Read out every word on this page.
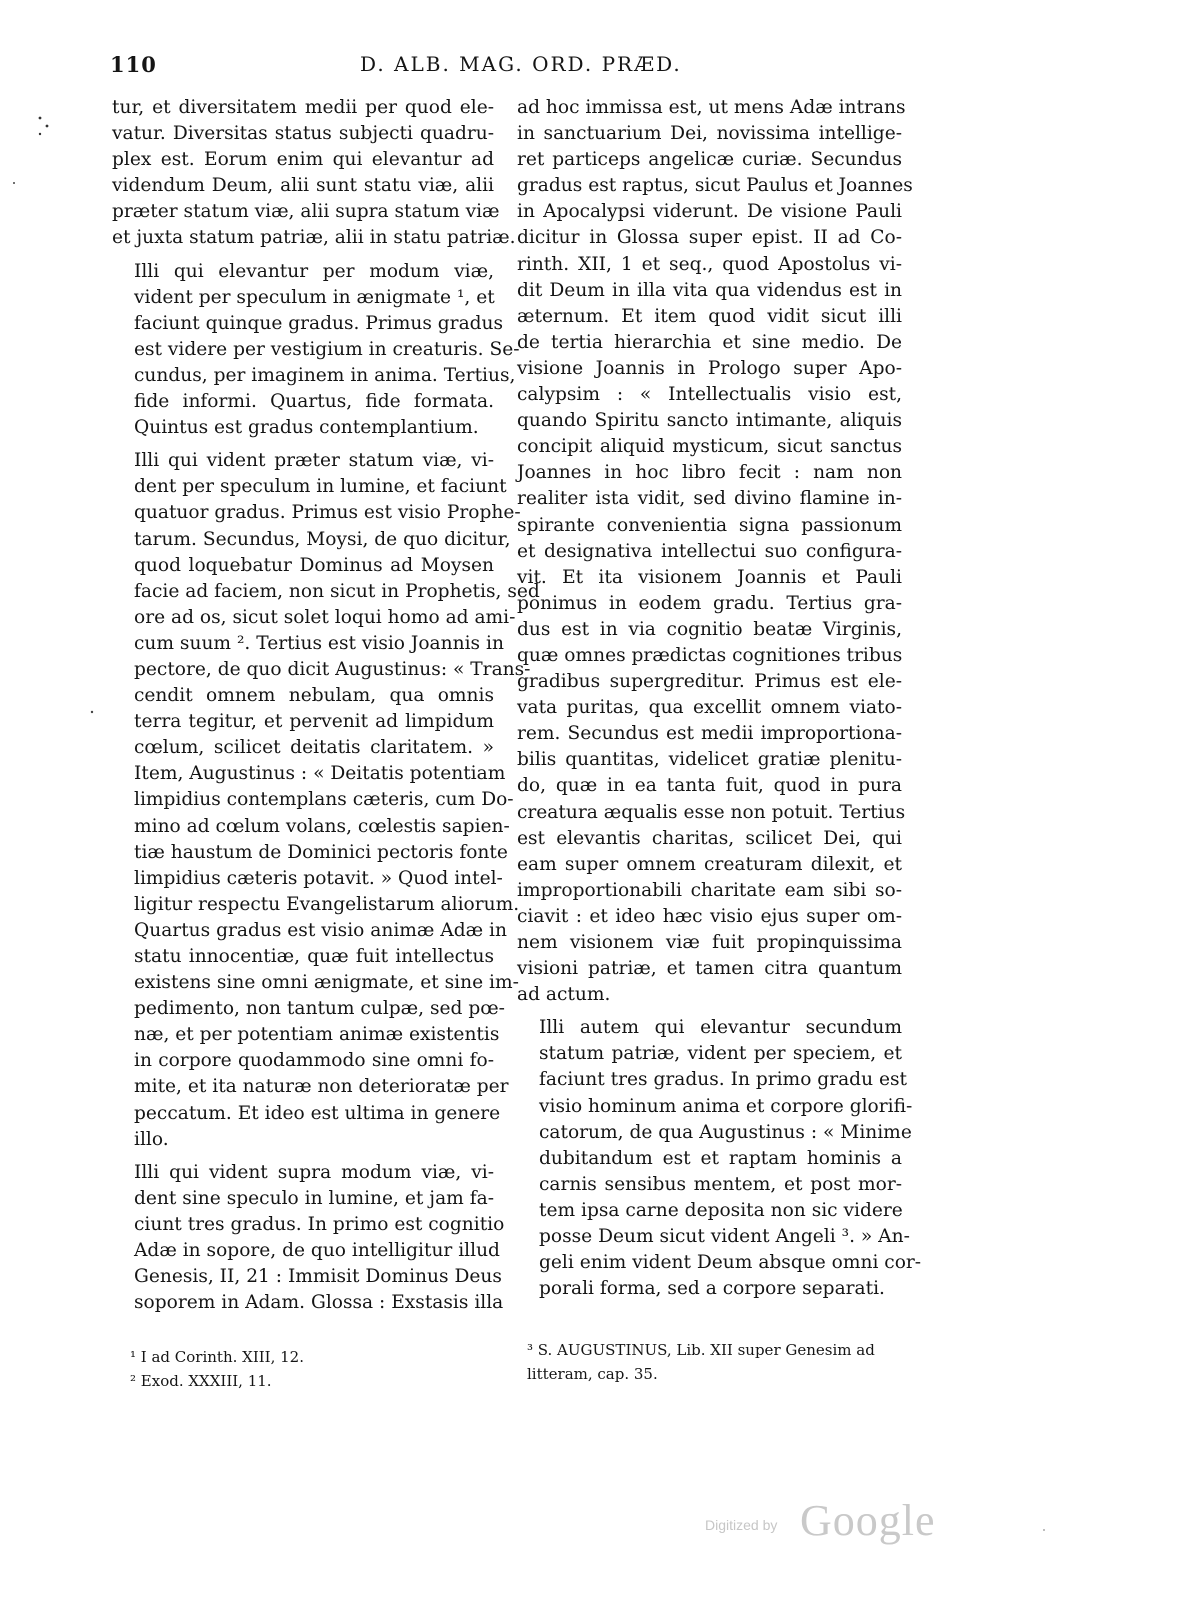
110	D. ALB. MAG. ORD. PRÆD.

tur, et diversitatem medii per quod ele-
vatur. Diversitas status subjecti quadru-
plex est. Eorum enim qui elevantur ad
videndum Deum, alii sunt statu viæ, alii
præter statum viæ, alii supra statum viæ
et juxta statum patriæ, alii in statu patriæ.

Illi qui elevantur per modum viæ,
vident per speculum in ænigmate ¹, et
faciunt quinque gradus. Primus gradus
est videre per vestigium in creaturis. Se-
cundus, per imaginem in anima. Tertius,
fide informi. Quartus, fide formata.
Quintus est gradus contemplantium.

Illi qui vident præter statum viæ, vi-
dent per speculum in lumine, et faciunt
quatuor gradus. Primus est visio Prophe-
tarum. Secundus, Moysi, de quo dicitur,
quod loquebatur Dominus ad Moysen
facie ad faciem, non sicut in Prophetis, sed
ore ad os, sicut solet loqui homo ad ami-
cum suum ². Tertius est visio Joannis in
pectore, de quo dicit Augustinus: « Trans-
cendit omnem nebulam, qua omnis
terra tegitur, et pervenit ad limpidum
cœlum, scilicet deitatis claritatem. »
Item, Augustinus : « Deitatis potentiam
limpidius contemplans cæteris, cum Do-
mino ad cœlum volans, cœlestis sapien-
tiæ haustum de Dominici pectoris fonte
limpidius cæteris potavit. » Quod intel-
ligitur respectu Evangelistarum aliorum.
Quartus gradus est visio animæ Adæ in
statu innocentiæ, quæ fuit intellectus
existens sine omni ænigmate, et sine im-
pedimento, non tantum culpæ, sed pœ-
næ, et per potentiam animæ existentis
in corpore quodammodo sine omni fo-
mite, et ita naturæ non deterioratæ per
peccatum. Et ideo est ultima in genere
illo.

Illi qui vident supra modum viæ, vi-
dent sine speculo in lumine, et jam fa-
ciunt tres gradus. In primo est cognitio
Adæ in sopore, de quo intelligitur illud
Genesis, II, 21 : Immisit Dominus Deus
soporem in Adam. Glossa : Exstasis illa

ad hoc immissa est, ut mens Adæ intrans
in sanctuarium Dei, novissima intellige-
ret particeps angelicæ curiæ. Secundus
gradus est raptus, sicut Paulus et Joannes
in Apocalypsi viderunt. De visione Pauli
dicitur in Glossa super epist. II ad Co-
rinth. XII, 1 et seq., quod Apostolus vi-
dit Deum in illa vita qua videndus est in
æternum. Et item quod vidit sicut illi
de tertia hierarchia et sine medio. De
visione Joannis in Prologo super Apo-
calypsim : « Intellectualis visio est,
quando Spiritu sancto intimante, aliquis
concipit aliquid mysticum, sicut sanctus
Joannes in hoc libro fecit : nam non
realiter ista vidit, sed divino flamine in-
spirante convenientia signa passionum
et designativa intellectui suo configura-
vit. Et ita visionem Joannis et Pauli
ponimus in eodem gradu. Tertius gra-
dus est in via cognitio beatæ Virginis,
quæ omnes prædictas cognitiones tribus
gradibus supergreditur. Primus est ele-
vata puritas, qua excellit omnem viato-
rem. Secundus est medii improportiona-
bilis quantitas, videlicet gratiæ plenitu-
do, quæ in ea tanta fuit, quod in pura
creatura æqualis esse non potuit. Tertius
est elevantis charitas, scilicet Dei, qui
eam super omnem creaturam dilexit, et
improportionabili charitate eam sibi so-
ciavit : et ideo hæc visio ejus super om-
nem visionem viæ fuit propinquissima
visioni patriæ, et tamen citra quantum
ad actum.

Illi autem qui elevantur secundum
statum patriæ, vident per speciem, et
faciunt tres gradus. In primo gradu est
visio hominum anima et corpore glorifi-
catorum, de qua Augustinus : « Minime
dubitandum est et raptam hominis a
carnis sensibus mentem, et post mor-
tem ipsa carne deposita non sic videre
posse Deum sicut vident Angeli ³. » An-
geli enim vident Deum absque omni cor-
porali forma, sed a corpore separati.

¹ I ad Corinth. XIII, 12.
² Exod. XXXIII, 11.
³ S. AUGUSTINUS, Lib. XII super Genesim ad
litteram, cap. 35.
Digitized by Google
